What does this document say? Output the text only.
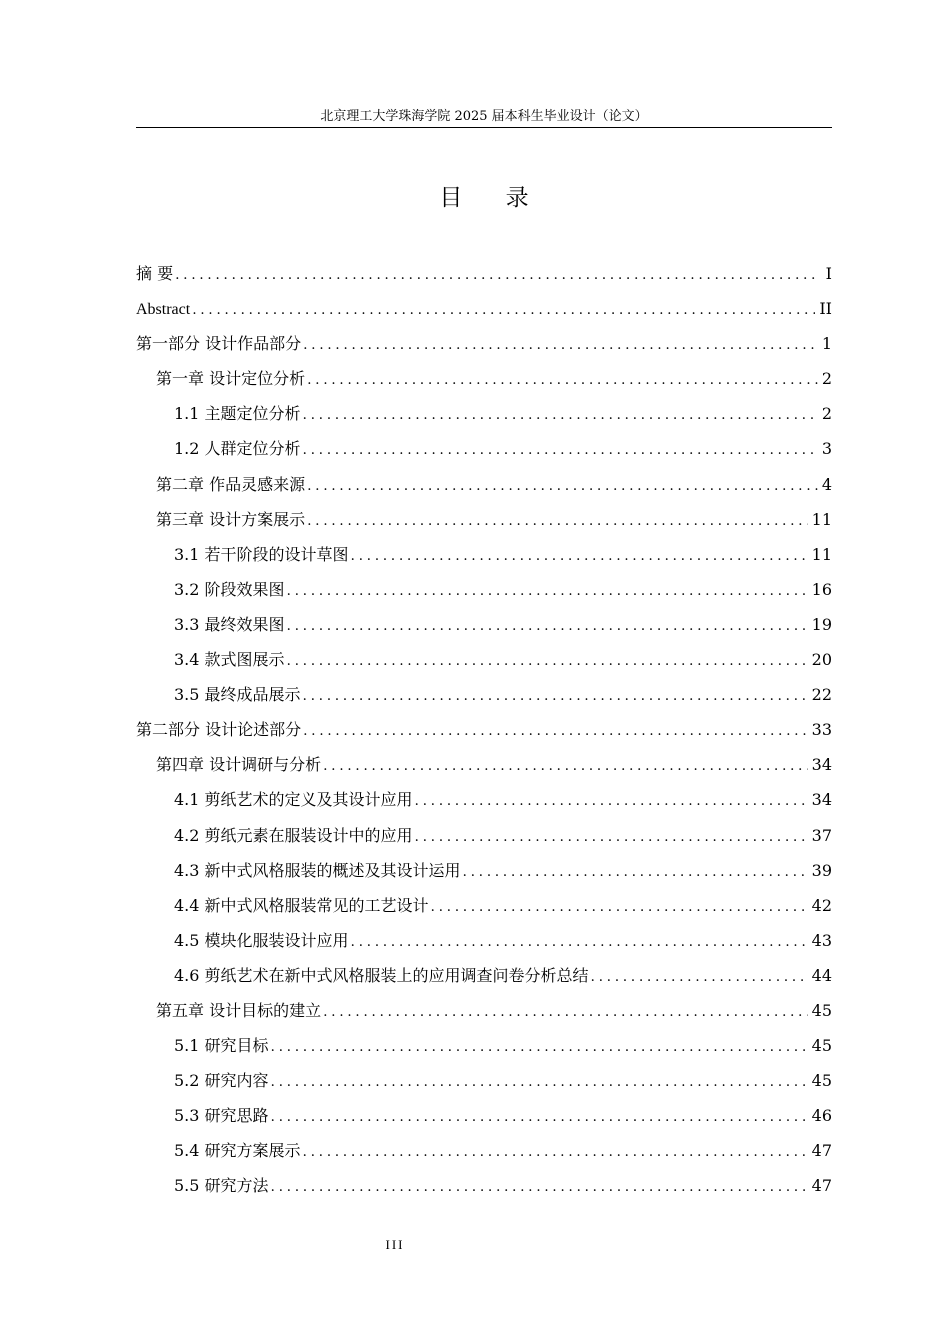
北京理工大学珠海学院 2025 届本科生毕业设计（论文）
目 录
摘 要 .....	I
Abstract .....	II
第一部分 设计作品部分 .....	1
第一章 设计定位分析 .....	2
1.1 主题定位分析 .....	2
1.2 人群定位分析 .....	3
第二章 作品灵感来源 .....	4
第三章 设计方案展示 .....	11
3.1 若干阶段的设计草图 .....	11
3.2 阶段效果图 .....	16
3.3 最终效果图 .....	19
3.4 款式图展示 .....	20
3.5 最终成品展示 .....	22
第二部分 设计论述部分 .....	33
第四章 设计调研与分析 .....	34
4.1 剪纸艺术的定义及其设计应用 .....	34
4.2 剪纸元素在服装设计中的应用 .....	37
4.3 新中式风格服装的概述及其设计运用 .....	39
4.4 新中式风格服装常见的工艺设计 .....	42
4.5 模块化服装设计应用 .....	43
4.6 剪纸艺术在新中式风格服装上的应用调查问卷分析总结 .....	44
第五章 设计目标的建立 .....	45
5.1 研究目标 .....	45
5.2 研究内容 .....	45
5.3 研究思路 .....	46
5.4 研究方案展示 .....	47
5.5 研究方法 .....	47
III
